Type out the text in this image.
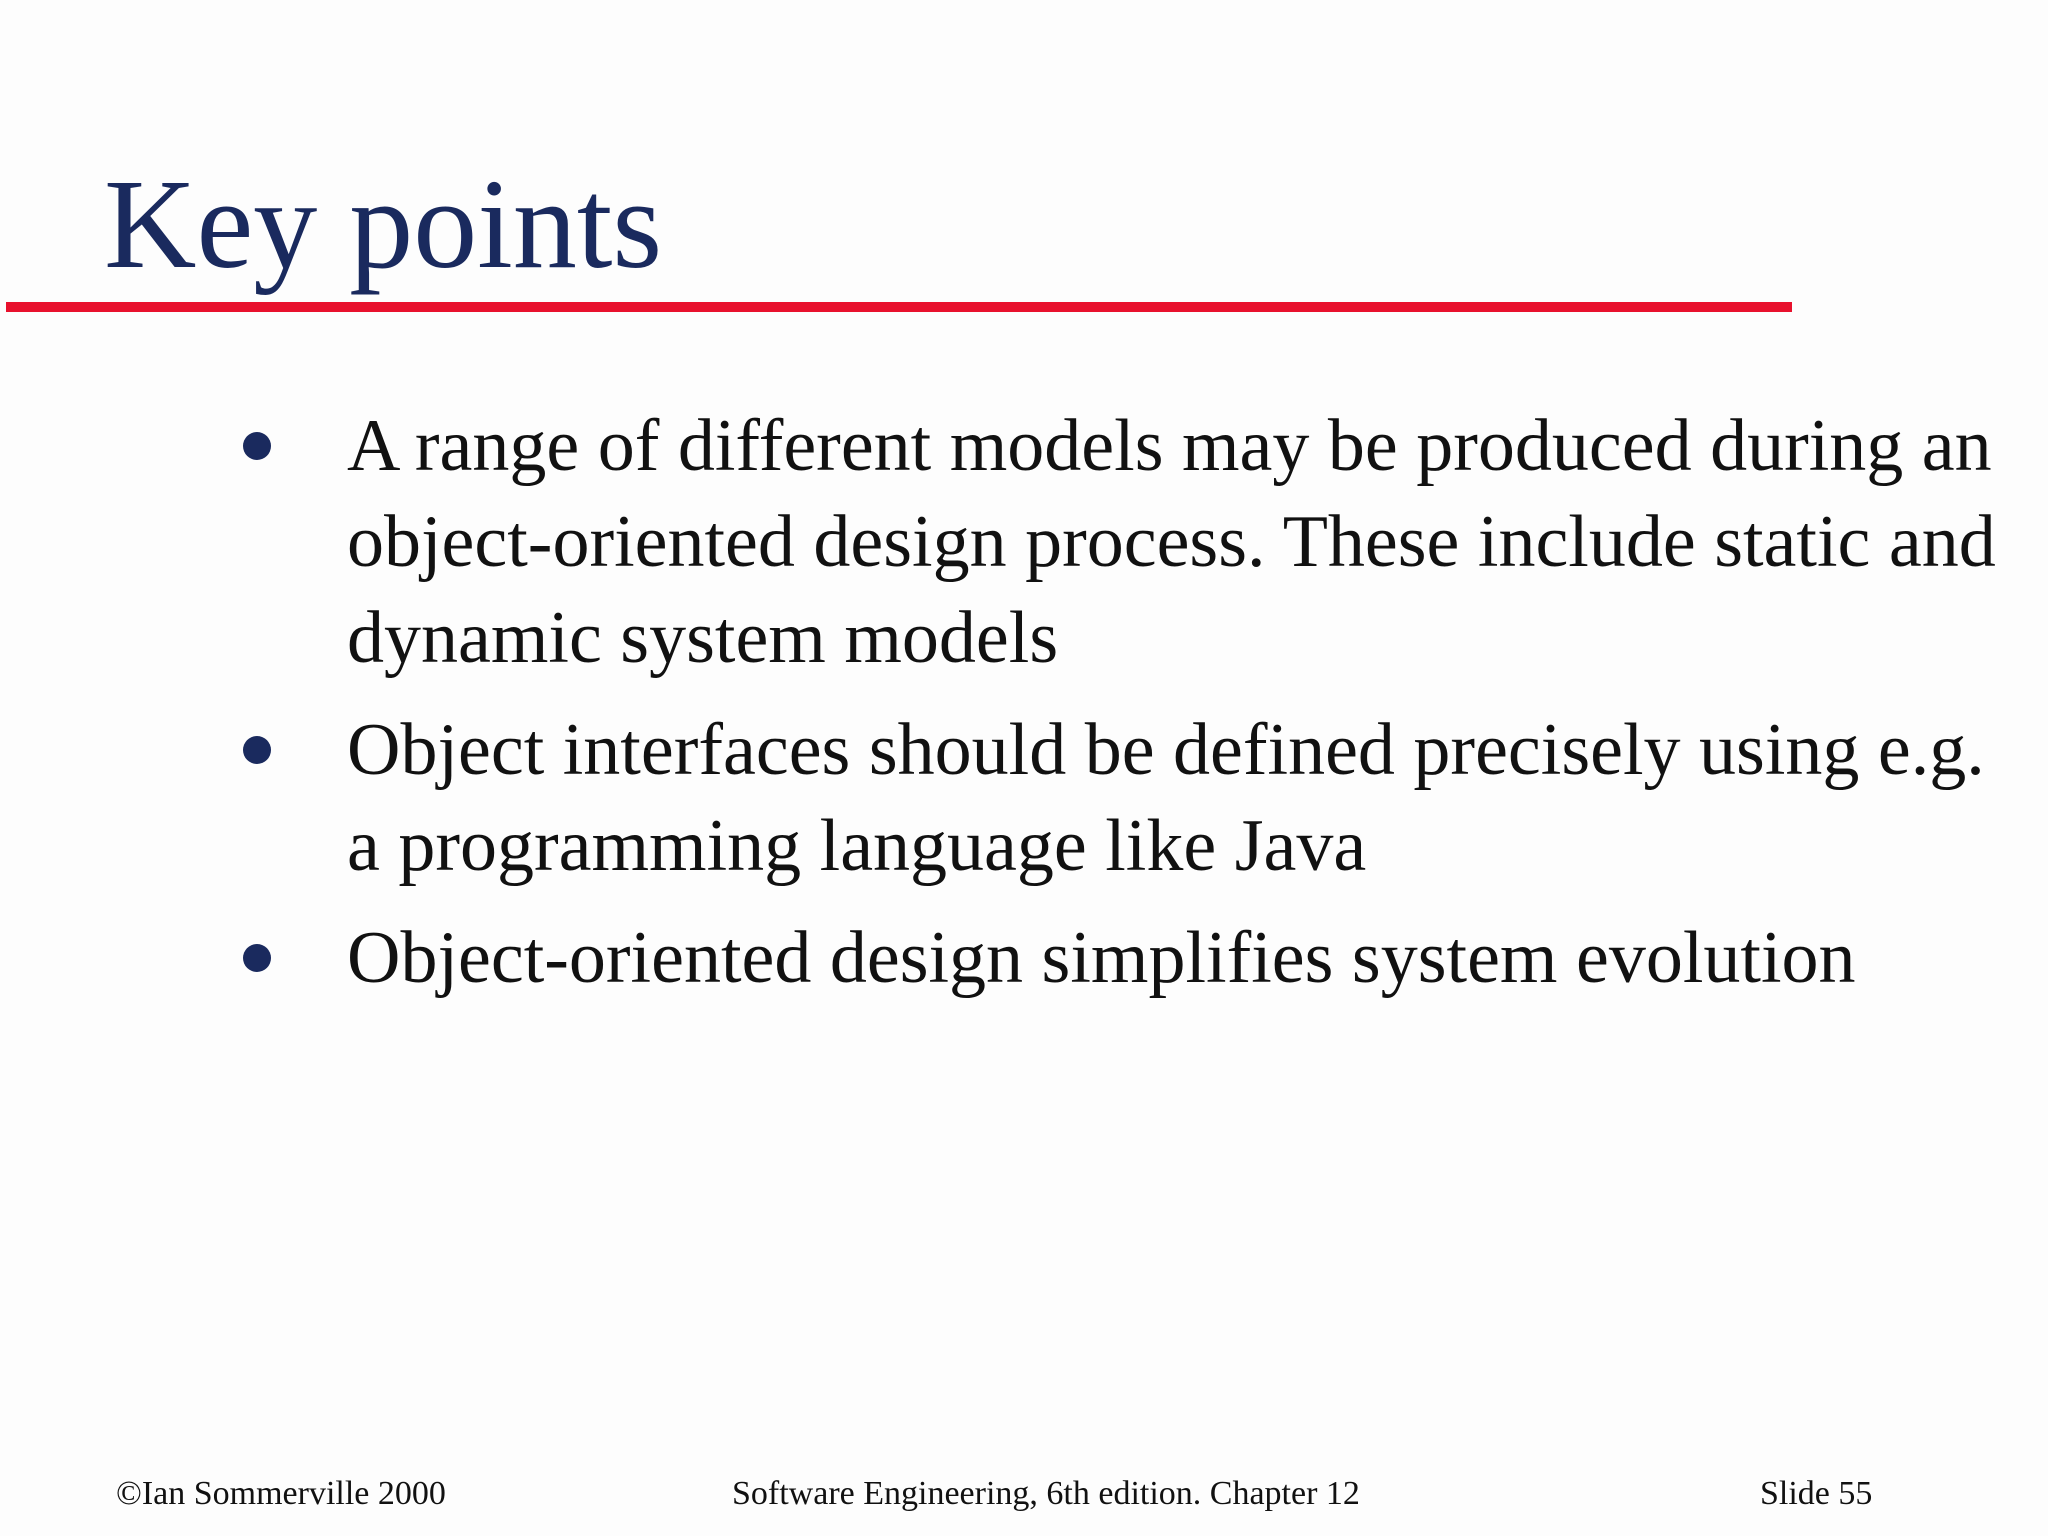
Key points
A range of different models may be produced during an object-oriented design process. These include static and dynamic system models
Object interfaces should be defined precisely using e.g. a programming language like Java
Object-oriented design simplifies system evolution
©Ian Sommerville 2000	Software Engineering, 6th edition. Chapter 12	Slide 55
